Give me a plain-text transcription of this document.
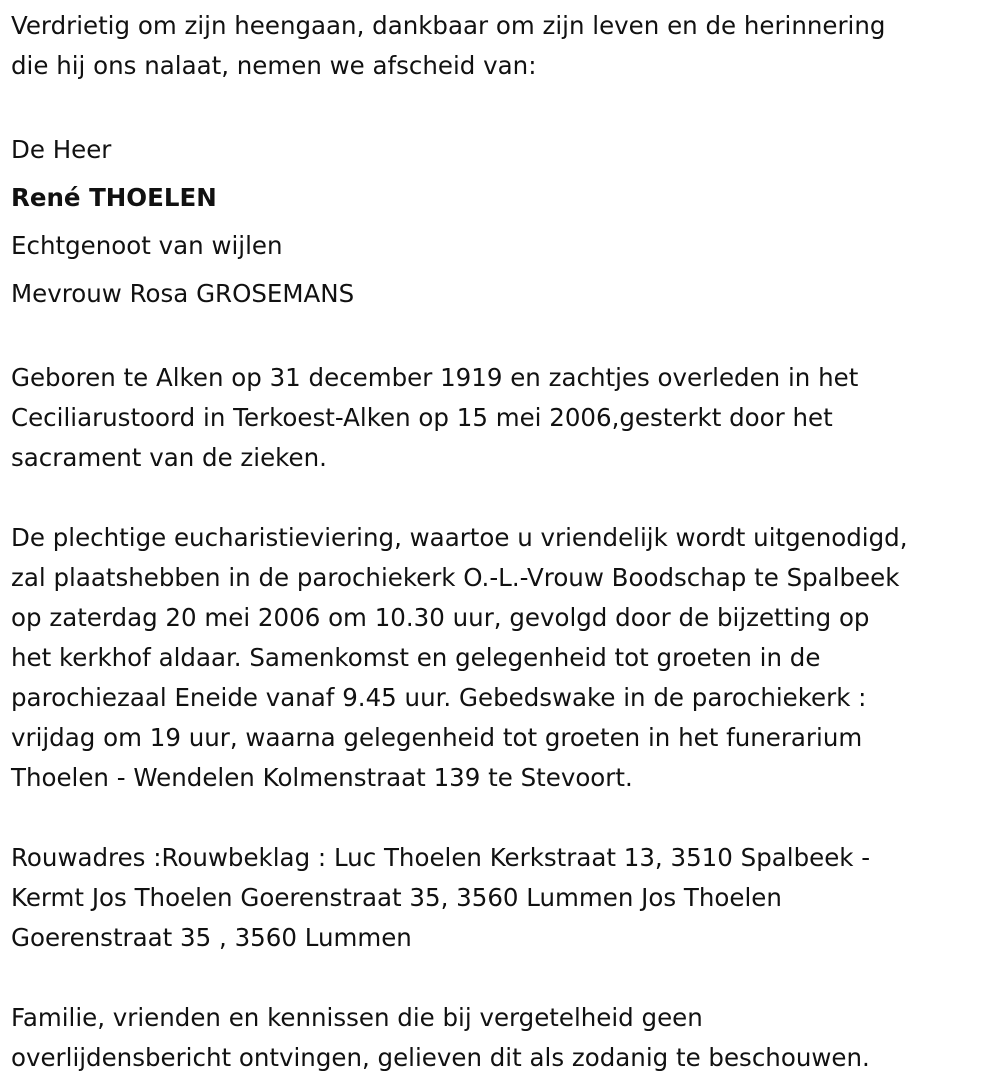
Verdrietig om zijn heengaan, dankbaar om zijn leven en de herinnering
die hij ons nalaat, nemen we afscheid van:
De Heer
René THOELEN
Echtgenoot van wijlen
Mevrouw Rosa GROSEMANS
Geboren te Alken op 31 december 1919 en zachtjes overleden in het
Ceciliarustoord in Terkoest-Alken op 15 mei 2006,gesterkt door het
sacrament van de zieken.
De plechtige eucharistieviering, waartoe u vriendelijk wordt uitgenodigd,
zal plaatshebben in de parochiekerk O.-L.-Vrouw Boodschap te Spalbeek
op zaterdag 20 mei 2006 om 10.30 uur, gevolgd door de bijzetting op
het kerkhof aldaar. Samenkomst en gelegenheid tot groeten in de
parochiezaal Eneide vanaf 9.45 uur. Gebedswake in de parochiekerk :
vrijdag om 19 uur, waarna gelegenheid tot groeten in het funerarium
Thoelen - Wendelen Kolmenstraat 139 te Stevoort.
Rouwadres :Rouwbeklag : Luc Thoelen Kerkstraat 13, 3510 Spalbeek -
Kermt Jos Thoelen Goerenstraat 35, 3560 Lummen Jos Thoelen
Goerenstraat 35 , 3560 Lummen
Familie, vrienden en kennissen die bij vergetelheid geen
overlijdensbericht ontvingen, gelieven dit als zodanig te beschouwen.
